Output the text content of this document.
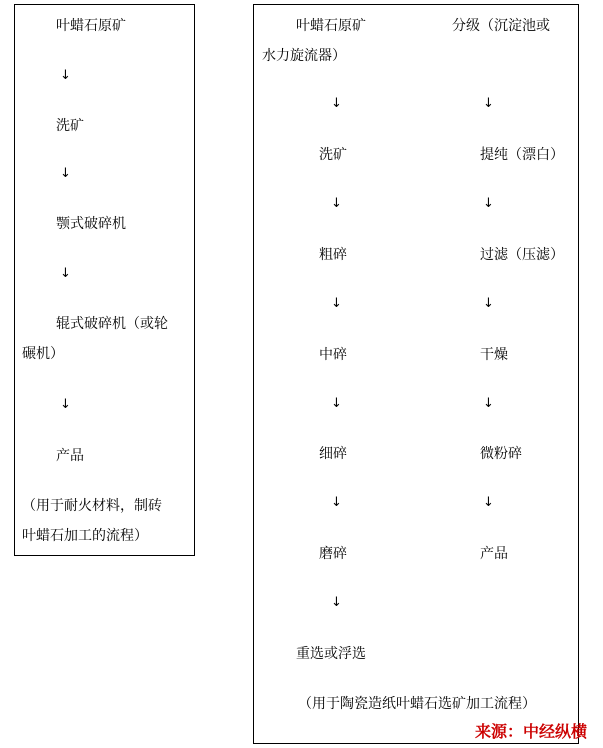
叶蜡石原矿
↓
洗矿
↓
颚式破碎机
↓
辊式破碎机（或轮
碾机）
↓
产品
（用于耐火材料，制砖
叶蜡石加工的流程）
叶蜡石原矿	分级（沉淀池或
水力旋流器）
↓
洗矿
↓
粗碎
↓
中碎
↓
细碎
↓
磨碎
↓
重选或浮选
↓
提纯（漂白）
↓
过滤（压滤）
↓
干燥
↓
微粉碎
↓
产品
（用于陶瓷造纸叶蜡石选矿加工流程）
来源：中经纵横
